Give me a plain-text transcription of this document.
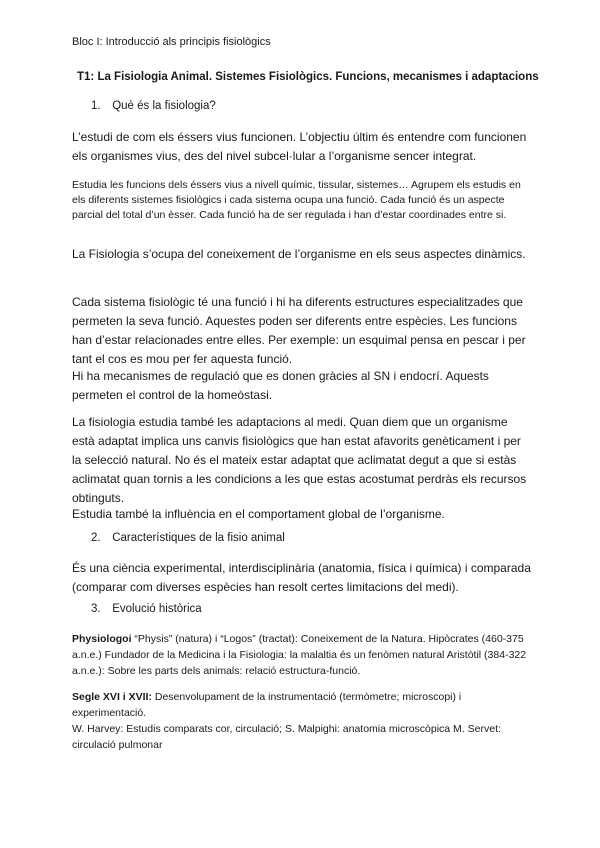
Bloc I: Introducció als principis fisiològics
T1: La Fisiologia Animal. Sistemes Fisiològics. Funcions, mecanismes i adaptacions
1. Què és la fisiologia?
L’estudi de com els éssers vius funcionen. L’objectiu últim és entendre com funcionen els organismes vius, des del nivel subcel·lular a l’organisme sencer integrat.
Estudia les funcions dels éssers vius a nivell químic, tissular, sistemes… Agrupem els estudis en els diferents sistemes fisiològics i cada sistema ocupa una funció. Cada funció és un aspecte parcial del total d’un èsser. Cada funció ha de ser regulada i han d’estar coordinades entre si.
La Fisiologia s’ocupa del coneixement de l’organisme en els seus aspectes dinàmics.
Cada sistema fisiològic té una funció i hi ha diferents estructures especialitzades que permeten la seva funció. Aquestes poden ser diferents entre espècies. Les funcions han d’estar relacionades entre elles. Per exemple: un esquimal pensa en pescar i per tant el cos es mou per fer aquesta funció.
Hi ha mecanismes de regulació que es donen gràcies al SN i endocrí. Aquests permeten el control de la homeòstasi.
La fisiologia estudia també les adaptacions al medi. Quan diem que un organisme està adaptat implica uns canvis fisiològics que han estat afavorits genèticament i per la selecció natural. No és el mateix estar adaptat que aclimatat degut a que si estàs aclimatat quan tornis a les condicions a les que estas acostumat perdràs els recursos obtinguts.
Estudia també la influència en el comportament global de l’organisme.
2. Característiques de la fisio animal
És una ciència experimental, interdisciplinària (anatomia, física i química) i comparada (comparar com diverses espècies han resolt certes limitacions del medi).
3. Evolució històrica
Physiologoi “Physis” (natura) i “Logos” (tractat): Coneixement de la Natura. Hipòcrates (460-375 a.n.e.) Fundador de la Medicina i la Fisiologia: la malaltia és un fenòmen natural Aristòtil (384-322 a.n.e.): Sobre les parts dels animals: relació estructura-funció.
Segle XVI i XVII: Desenvolupament de la instrumentació (termòmetre; microscopi) i experimentació.
W. Harvey: Estudis comparats cor, circulació; S. Malpighi: anatomia microscòpica M. Servet: circulació pulmonar
